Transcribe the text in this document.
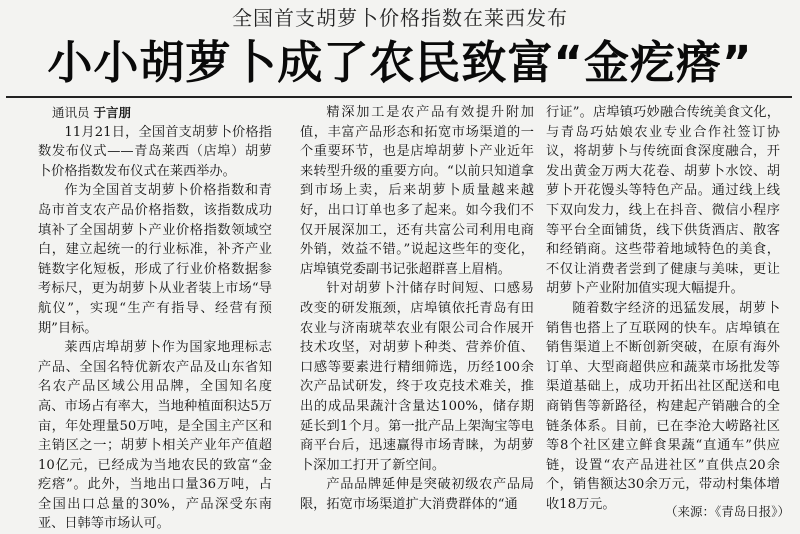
全国首支胡萝卜价格指数在莱西发布
小小胡萝卜成了农民致富“金疙瘩”

通讯员 于言朋

11月21日，全国首支胡萝卜价格指数发布仪式——青岛莱西（店埠）胡萝卜价格指数发布仪式在莱西举办。

作为全国首支胡萝卜价格指数和青岛市首支农产品价格指数，该指数成功填补了全国胡萝卜产业价格指数领域空白，建立起统一的行业标准，补齐产业链数字化短板，形成了行业价格数据参考标尺，更为胡萝卜从业者装上市场“导航仪”，实现“生产有指导、经营有预期”目标。

莱西店埠胡萝卜作为国家地理标志产品、全国名特优新农产品及山东省知名农产品区域公用品牌，全国知名度高、市场占有率大，当地种植面积达5万亩，年处理量50万吨，是全国主产区和主销区之一；胡萝卜相关产业年产值超10亿元，已经成为当地农民的致富“金疙瘩”。此外，当地出口量36万吨，占全国出口总量的30%，产品深受东南亚、日韩等市场认可。

精深加工是农产品有效提升附加值，丰富产品形态和拓宽市场渠道的一个重要环节，也是店埠胡萝卜产业近年来转型升级的重要方向。“以前只知道拿到市场上卖，后来胡萝卜质量越来越好，出口订单也多了起来。如今我们不仅开展深加工，还有共富公司利用电商外销，效益不错。”说起这些年的变化，店埠镇党委副书记张超群喜上眉梢。

针对胡萝卜汁储存时间短、口感易改变的研发瓶颈，店埠镇依托青岛有田农业与济南琥萃农业有限公司合作展开技术攻坚，对胡萝卜种类、营养价值、口感等要素进行精细筛选，历经100余次产品试研发，终于攻克技术难关，推出的成品果蔬汁含量达100%，储存期延长到1个月。第一批产品上架淘宝等电商平台后，迅速赢得市场青睐，为胡萝卜深加工打开了新空间。

产品品牌延伸是突破初级农产品局限，拓宽市场渠道扩大消费群体的“通

行证”。店埠镇巧妙融合传统美食文化，与青岛巧姑娘农业专业合作社签订协议，将胡萝卜与传统面食深度融合，开发出黄金万两大花卷、胡萝卜水饺、胡萝卜开花馒头等特色产品。通过线上线下双向发力，线上在抖音、微信小程序等平台全面铺货，线下供货酒店、散客和经销商。这些带着地域特色的美食，不仅让消费者尝到了健康与美味，更让胡萝卜产业附加值实现大幅提升。

随着数字经济的迅猛发展，胡萝卜销售也搭上了互联网的快车。店埠镇在销售渠道上不断创新突破，在原有海外订单、大型商超供应和蔬菜市场批发等渠道基础上，成功开拓出社区配送和电商销售等新路径，构建起产销融合的全链条体系。目前，已在李沧大崂路社区等8个社区建立鲜食果蔬“直通车”供应链，设置“农产品进社区”直供点20余个，销售额达30余万元，带动村集体增收18万元。	（来源：《青岛日报》）
